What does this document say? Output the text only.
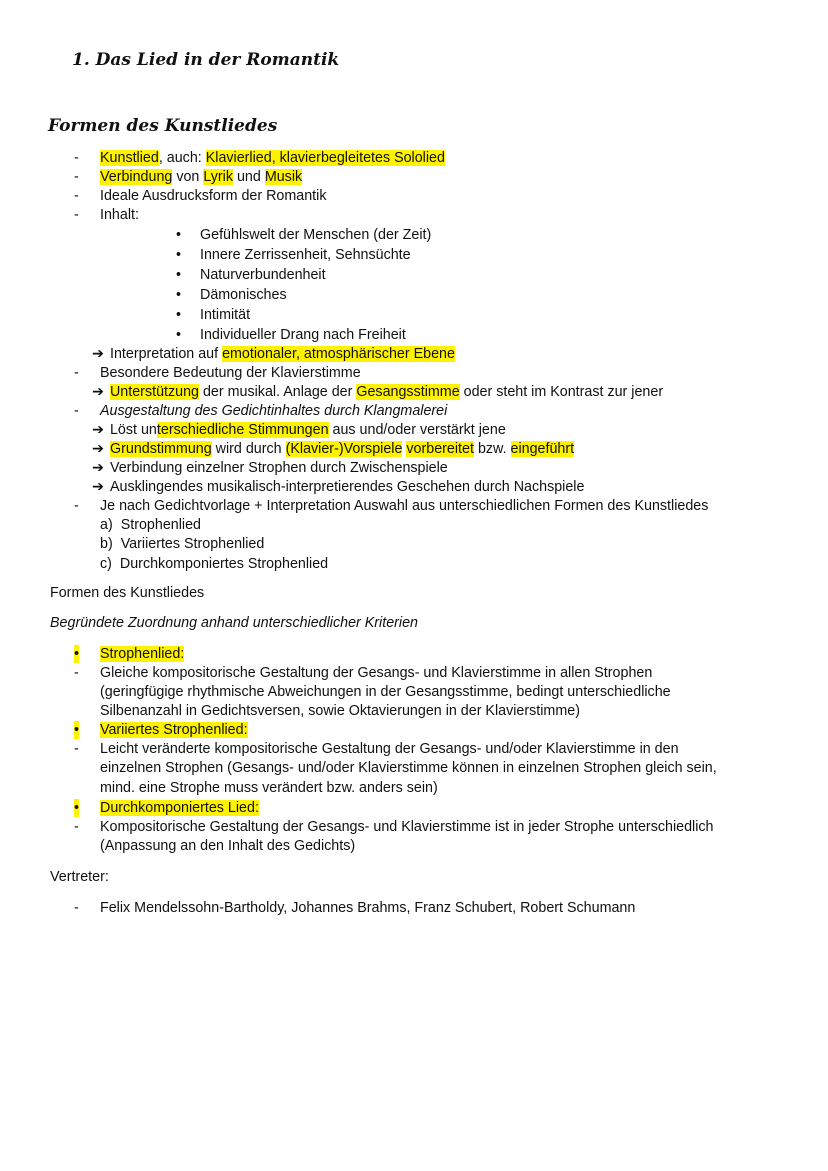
1. Das Lied in der Romantik
Formen des Kunstliedes
- Kunstlied, auch: Klavierlied, klavierbegleitetes Sololied
- Verbindung von Lyrik und Musik
- Ideale Ausdrucksform der Romantik
- Inhalt:
• Gefühlswelt der Menschen (der Zeit)
• Innere Zerrissenheit, Sehnsüchte
• Naturverbundenheit
• Dämonisches
• Intimität
• Individueller Drang nach Freiheit
➔ Interpretation auf emotionaler, atmosphärischer Ebene
- Besondere Bedeutung der Klavierstimme
➔ Unterstützung der musikal. Anlage der Gesangsstimme oder steht im Kontrast zur jener
- Ausgestaltung des Gedichtinhaltes durch Klangmalerei
➔ Löst unterschiedliche Stimmungen aus und/oder verstärkt jene
➔ Grundstimmung wird durch (Klavier-)Vorspiele vorbereitet bzw. eingeführt
➔ Verbindung einzelner Strophen durch Zwischenspiele
➔ Ausklingendes musikalisch-interpretierendes Geschehen durch Nachspiele
- Je nach Gedichtvorlage + Interpretation Auswahl aus unterschiedlichen Formen des Kunstliedes
a) Strophenlied
b) Variiertes Strophenlied
c) Durchkomponiertes Strophenlied
Formen des Kunstliedes
Begründete Zuordnung anhand unterschiedlicher Kriterien
• Strophenlied:
- Gleiche kompositorische Gestaltung der Gesangs- und Klavierstimme in allen Strophen
(geringfügige rhythmische Abweichungen in der Gesangsstimme, bedingt unterschiedliche
Silbenanzahl in Gedichtsversen, sowie Oktavierungen in der Klavierstimme)
• Variiertes Strophenlied:
- Leicht veränderte kompositorische Gestaltung der Gesangs- und/oder Klavierstimme in den
einzelnen Strophen (Gesangs- und/oder Klavierstimme können in einzelnen Strophen gleich sein,
mind. eine Strophe muss verändert bzw. anders sein)
• Durchkomponiertes Lied:
- Kompositorische Gestaltung der Gesangs- und Klavierstimme ist in jeder Strophe unterschiedlich
(Anpassung an den Inhalt des Gedichts)
Vertreter:
- Felix Mendelssohn-Bartholdy, Johannes Brahms, Franz Schubert, Robert Schumann
